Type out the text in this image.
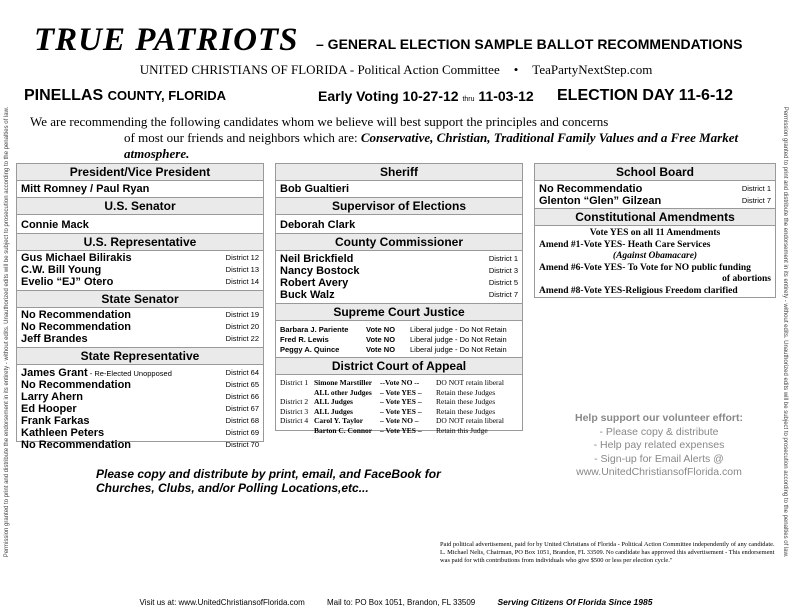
Permission granted to print and distribute the endorsement in its entirety - without edits. Unauthorized edits will be subject to prosecution according to the penalties of law.	Permission granted to print and distribute the endorsement in its entirety - without edits. Unauthorized edits will be subject to prosecution according to the penalties of law.
TRUE PATRIOTS – GENERAL ELECTION SAMPLE BALLOT RECOMMENDATIONS
UNITED CHRISTIANS OF FLORIDA - Political Action Committee • TeaPartyNextStep.com
PINELLAS COUNTY, FLORIDA	Early Voting 10-27-12 thru 11-03-12 ELECTION DAY 11-6-12
We are recommending the following candidates whom we believe will best support the principles and concerns
of most our friends and neighbors which are: Conservative, Christian, Traditional Family Values and a Free Market atmosphere.
President/Vice President
Mitt Romney / Paul Ryan
U.S. Senator
Connie Mack
U.S. Representative
Gus Michael Bilirakis	District 12
C.W. Bill Young	District 13
Evelio “EJ” Otero	District 14
State Senator
No Recommendation	District 19
No Recommendation	District 20
Jeff Brandes	District 22
State Representative
James Grant - Re-Elected Unopposed	District 64
No Recommendation	District 65
Larry Ahern	District 66
Ed Hooper	District 67
Frank Farkas	District 68
Kathleen Peters	District 69
No Recommendation	District 70
Sheriff
Bob Gualtieri
Supervisor of Elections
Deborah Clark
County Commissioner
Neil Brickfield	District 1
Nancy Bostock	District 3
Robert Avery	District 5
Buck Walz	District 7
Supreme Court Justice
Barbara J. Pariente	Vote NO	Liberal judge - Do Not Retain
Fred R. Lewis	Vote NO	Liberal judge - Do Not Retain
Peggy A. Quince	Vote NO	Liberal judge - Do Not Retain
District Court of Appeal
District 1 Simone Marstiller	--Vote NO --	DO NOT retain liberal
ALL other Judges	– Vote YES –	Retain these Judges
District 2 ALL Judges	– Vote YES –	Retain these Judges
District 3 ALL Judges	– Vote YES –	Retain these Judges
District 4 Carol Y. Taylor	– Vote NO –	DO NOT retain liberal
Barton C. Connor	– Vote YES –	Retain this Judge
School Board
No Recommendatio	District 1
Glenton “Glen” Gilzean	District 7
Constitutional Amendments
Vote YES on all 11 Amendments
Amend #1-Vote YES- Heath Care Services
(Against Obamacare)
Amend #6-Vote YES- To Vote for NO public funding
of abortions
Amend #8-Vote YES-Religious Freedom clarified
Help support our volunteer effort:
- Please copy & distribute
- Help pay related expenses
- Sign-up for Email Alerts @
www.UnitedChristiansofFlorida.com
Please copy and distribute by print, email, and FaceBook for Churches, Clubs, and/or Polling Locations,etc...
Paid political advertisement, paid for by United Christians of Florida - Political Action Committee independently of any candidate. L. Michael Nelis, Chairman, PO Box 1051, Brandon, FL 33509. No candidate has approved this advertisement - This endorsement was paid for with contributions from individuals who give $500 or less per election cycle."
Visit us at: www.UnitedChristiansofFlorida.com	Mail to: PO Box 1051, Brandon, FL 33509	Serving Citizens Of Florida Since 1985
